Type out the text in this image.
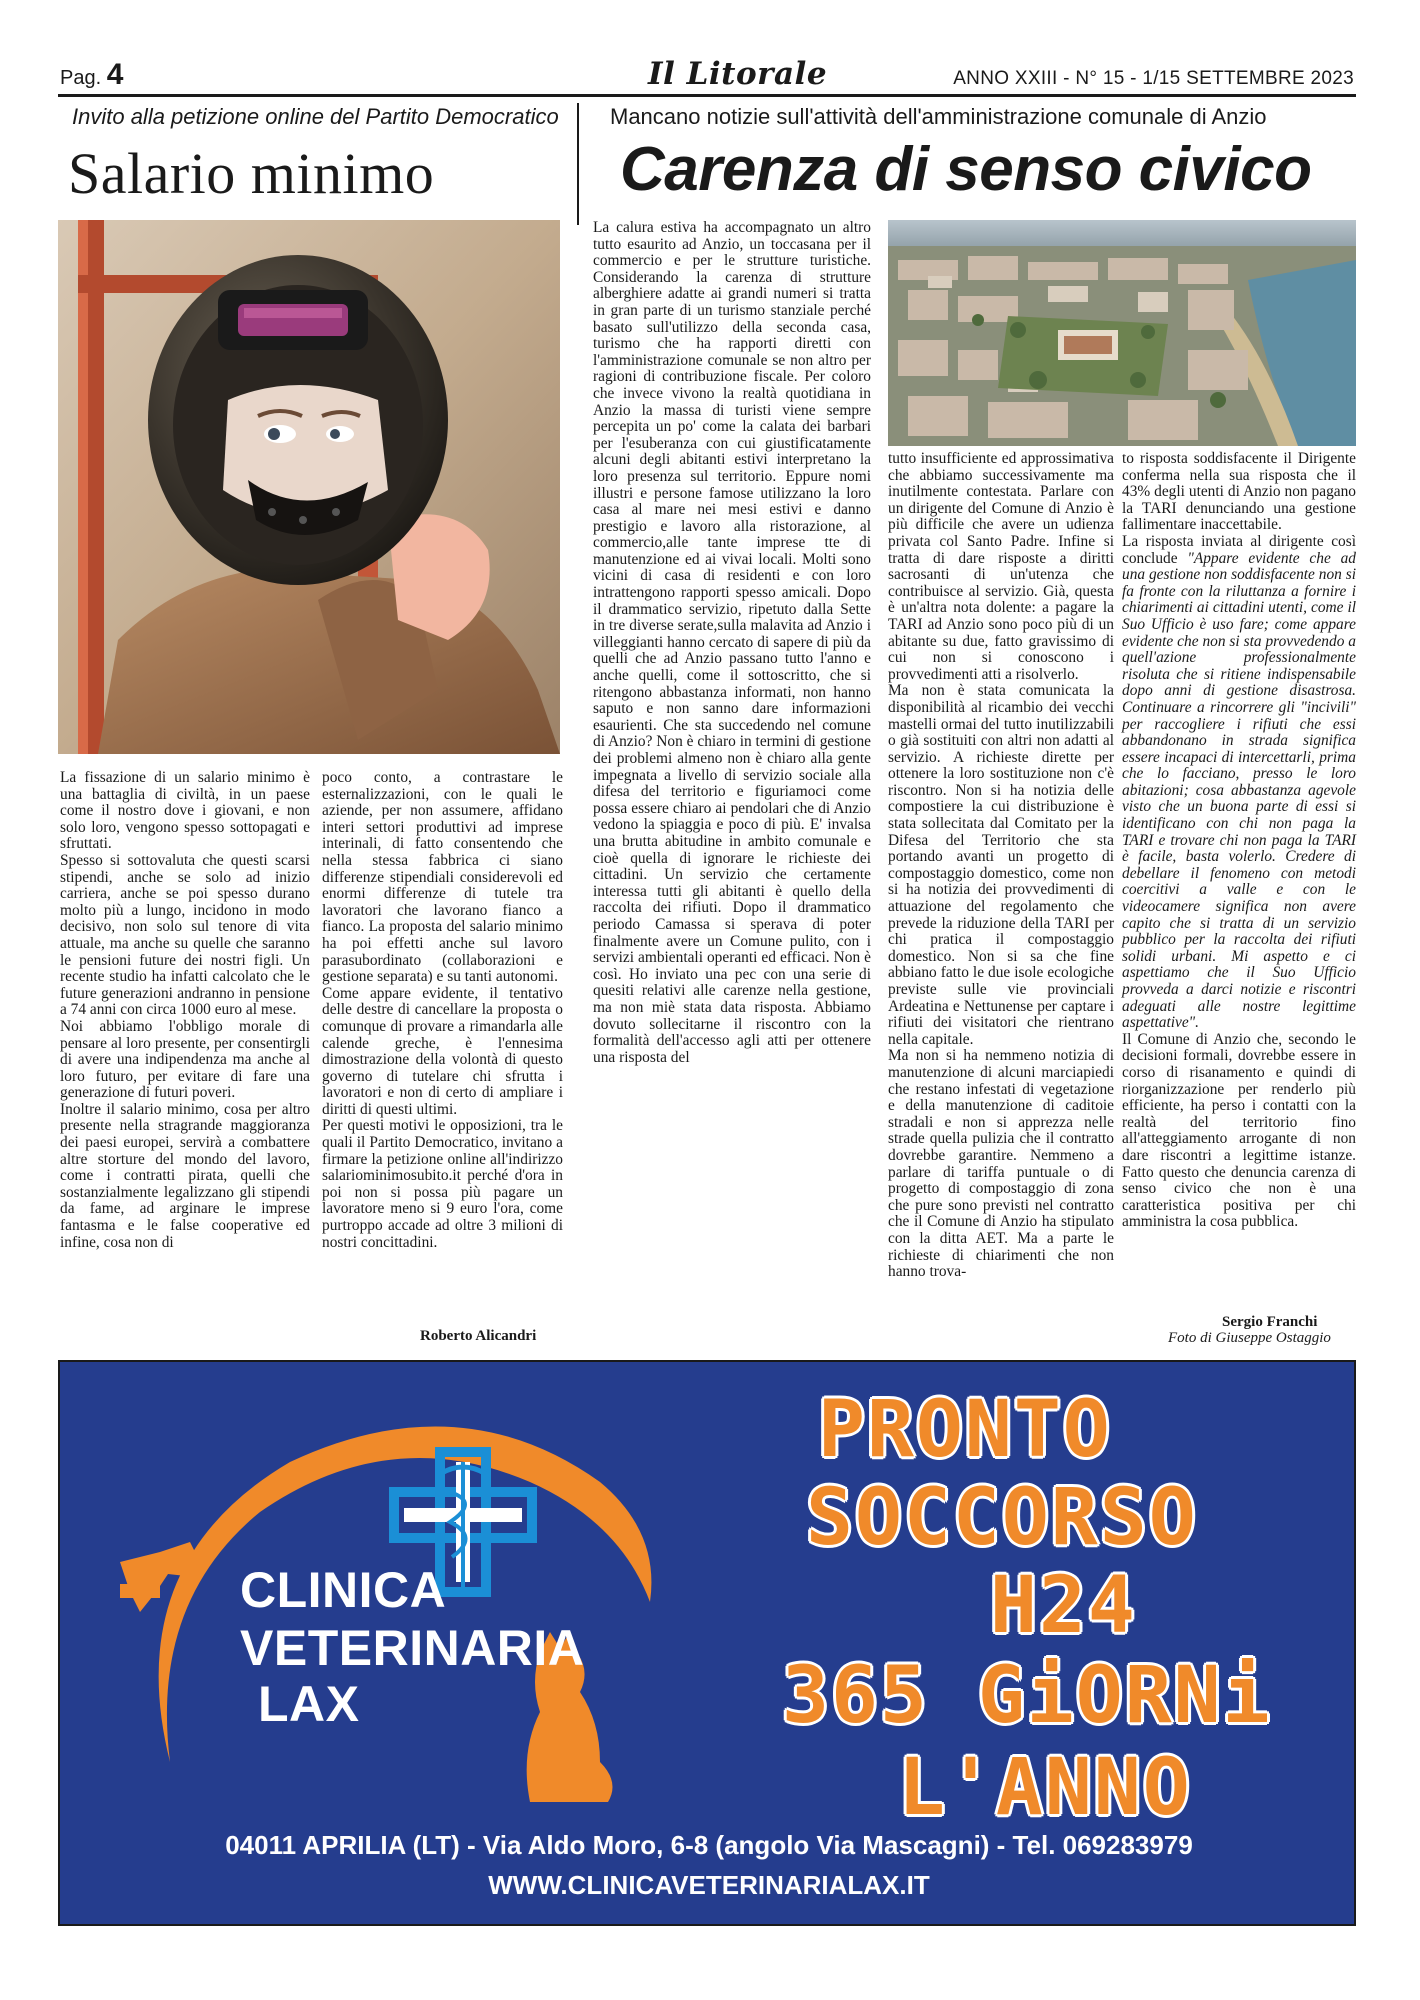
Pag. 4	Il Litorale	ANNO XXIII - N° 15 - 1/15 SETTEMBRE 2023
Invito alla petizione online del Partito Democratico
Salario minimo

La fissazione di un salario minimo è una battaglia di civiltà, in un paese come il nostro dove i giovani, e non solo loro, vengono spesso sottopagati e sfruttati.

Spesso si sottovaluta che questi scarsi stipendi, anche se solo ad inizio carriera, anche se poi spesso durano molto più a lungo, incidono in modo decisivo, non solo sul tenore di vita attuale, ma anche su quelle che saranno le pensioni future dei nostri figli. Un recente studio ha infatti calcolato che le future generazioni andranno in pensione a 74 anni con circa 1000 euro al mese.

Noi abbiamo l'obbligo morale di pensare al loro presente, per consentirgli di avere una indipendenza ma anche al loro futuro, per evitare di fare una generazione di futuri poveri.

Inoltre il salario minimo, cosa per altro presente nella stragrande maggioranza dei paesi europei, servirà a combattere altre storture del mondo del lavoro, come i contratti pirata, quelli che sostanzialmente legalizzano gli stipendi da fame, ad arginare le imprese fantasma e le false cooperative ed infine, cosa non di

poco conto, a contrastare le esternalizzazioni, con le quali le aziende, per non assumere, affidano interi settori produttivi ad imprese interinali, di fatto consentendo che nella stessa fabbrica ci siano differenze stipendiali considerevoli ed enormi differenze di tutele tra lavoratori che lavorano fianco a fianco. La proposta del salario minimo ha poi effetti anche sul lavoro parasubordinato (collaborazioni e gestione separata) e su tanti autonomi.

Come appare evidente, il tentativo delle destre di cancellare la proposta o comunque di provare a rimandarla alle calende greche, è l'ennesima dimostrazione della volontà di questo governo di tutelare chi sfrutta i lavoratori e non di certo di ampliare i diritti di questi ultimi.

Per questi motivi le opposizioni, tra le quali il Partito Democratico, invitano a firmare la petizione online all'indirizzo salariominimosubito.it perché d'ora in poi non si possa più pagare un lavoratore meno si 9 euro l'ora, come purtroppo accade ad oltre 3 milioni di nostri concittadini.

Roberto Alicandri
Mancano notizie sull'attività dell'amministrazione comunale di Anzio
Carenza di senso civico

La calura estiva ha accompagnato un altro tutto esaurito ad Anzio, un toccasana per il commercio e per le strutture turistiche. Considerando la carenza di strutture alberghiere adatte ai grandi numeri si tratta in gran parte di un turismo stanziale perché basato sull'utilizzo della seconda casa, turismo che ha rapporti diretti con l'amministrazione comunale se non altro per ragioni di contribuzione fiscale. Per coloro che invece vivono la realtà quotidiana in Anzio la massa di turisti viene sempre percepita un po' come la calata dei barbari per l'esuberanza con cui giustificatamente alcuni degli abitanti estivi interpretano la loro presenza sul territorio. Eppure nomi illustri e persone famose utilizzano la loro casa al mare nei mesi estivi e danno prestigio e lavoro alla ristorazione, al commercio,alle tante imprese tte di manutenzione ed ai vivai locali. Molti sono vicini di casa di residenti e con loro intrattengono rapporti spesso amicali. Dopo il drammatico servizio, ripetuto dalla Sette in tre diverse serate,sulla malavita ad Anzio i villeggianti hanno cercato di sapere di più da quelli che ad Anzio passano tutto l'anno e anche quelli, come il sottoscritto, che si ritengono abbastanza informati, non hanno saputo e non sanno dare informazioni esaurienti. Che sta succedendo nel comune di Anzio? Non è chiaro in termini di gestione dei problemi almeno non è chiaro alla gente impegnata a livello di servizio sociale alla difesa del territorio e figuriamoci come possa essere chiaro ai pendolari che di Anzio vedono la spiaggia e poco di più. E' invalsa una brutta abitudine in ambito comunale e cioè quella di ignorare le richieste dei cittadini. Un servizio che certamente interessa tutti gli abitanti è quello della raccolta dei rifiuti. Dopo il drammatico periodo Camassa si sperava di poter finalmente avere un Comune pulito, con i servizi ambientali operanti ed efficaci. Non è così. Ho inviato una pec con una serie di quesiti relativi alle carenze nella gestione, ma non miè stata data risposta. Abbiamo dovuto sollecitarne il riscontro con la formalità dell'accesso agli atti per ottenere una risposta del

tutto insufficiente ed approssimativa che abbiamo successivamente ma inutilmente contestata. Parlare con un dirigente del Comune di Anzio è più difficile che avere un udienza privata col Santo Padre. Infine si tratta di dare risposte a diritti sacrosanti di un'utenza che contribuisce al servizio. Già, questa è un'altra nota dolente: a pagare la TARI ad Anzio sono poco più di un abitante su due, fatto gravissimo di cui non si conoscono i provvedimenti atti a risolverlo.

Ma non è stata comunicata la disponibilità al ricambio dei vecchi mastelli ormai del tutto inutilizzabili o già sostituiti con altri non adatti al servizio. A richieste dirette per ottenere la loro sostituzione non c'è riscontro. Non si ha notizia delle compostiere la cui distribuzione è stata sollecitata dal Comitato per la Difesa del Territorio che sta portando avanti un progetto di compostaggio domestico, come non si ha notizia dei provvedimenti di attuazione del regolamento che prevede la riduzione della TARI per chi pratica il compostaggio domestico. Non si sa che fine abbiano fatto le due isole ecologiche previste sulle vie provinciali Ardeatina e Nettunense per captare i rifiuti dei visitatori che rientrano nella capitale.

Ma non si ha nemmeno notizia di manutenzione di alcuni marciapiedi che restano infestati di vegetazione e della manutenzione di caditoie stradali e non si apprezza nelle strade quella pulizia che il contratto dovrebbe garantire. Nemmeno a parlare di tariffa puntuale o di progetto di compostaggio di zona che pure sono previsti nel contratto che il Comune di Anzio ha stipulato con la ditta AET. Ma a parte le richieste di chiarimenti che non hanno trova-

to risposta soddisfacente il Dirigente conferma nella sua risposta che il 43% degli utenti di Anzio non pagano la TARI denunciando una gestione fallimentare inaccettabile.

La risposta inviata al dirigente così conclude "Appare evidente che ad una gestione non soddisfacente non si fa fronte con la riluttanza a fornire i chiarimenti ai cittadini utenti, come il Suo Ufficio è uso fare; come appare evidente che non si sta provvedendo a quell'azione professionalmente risoluta che si ritiene indispensabile dopo anni di gestione disastrosa. Continuare a rincorrere gli "incivili" per raccogliere i rifiuti che essi abbandonano in strada significa essere incapaci di intercettarli, prima che lo facciano, presso le loro abitazioni; cosa abbastanza agevole visto che un buona parte di essi si identificano con chi non paga la TARI e trovare chi non paga la TARI è facile, basta volerlo. Credere di debellare il fenomeno con metodi coercitivi a valle e con le videocamere significa non avere capito che si tratta di un servizio pubblico per la raccolta dei rifiuti solidi urbani. Mi aspetto e ci aspettiamo che il Suo Ufficio provveda a darci notizie e riscontri adeguati alle nostre legittime aspettative".

Il Comune di Anzio che, secondo le decisioni formali, dovrebbe essere in corso di risanamento e quindi di riorganizzazione per renderlo più efficiente, ha perso i contatti con la realtà del territorio fino all'atteggiamento arrogante di non dare riscontri a legittime istanze. Fatto questo che denuncia carenza di senso civico che non è una caratteristica positiva per chi amministra la cosa pubblica.

Sergio Franchi
Foto di Giuseppe Ostaggio
CLINICA
VETERINARIA
LAX
PRONTO
SOCCORSO
H24
365 GiORNi
L'ANNO
04011 APRILIA (LT) - Via Aldo Moro, 6-8 (angolo Via Mascagni) - Tel. 069283979
WWW.CLINICAVETERINARIALAX.IT
